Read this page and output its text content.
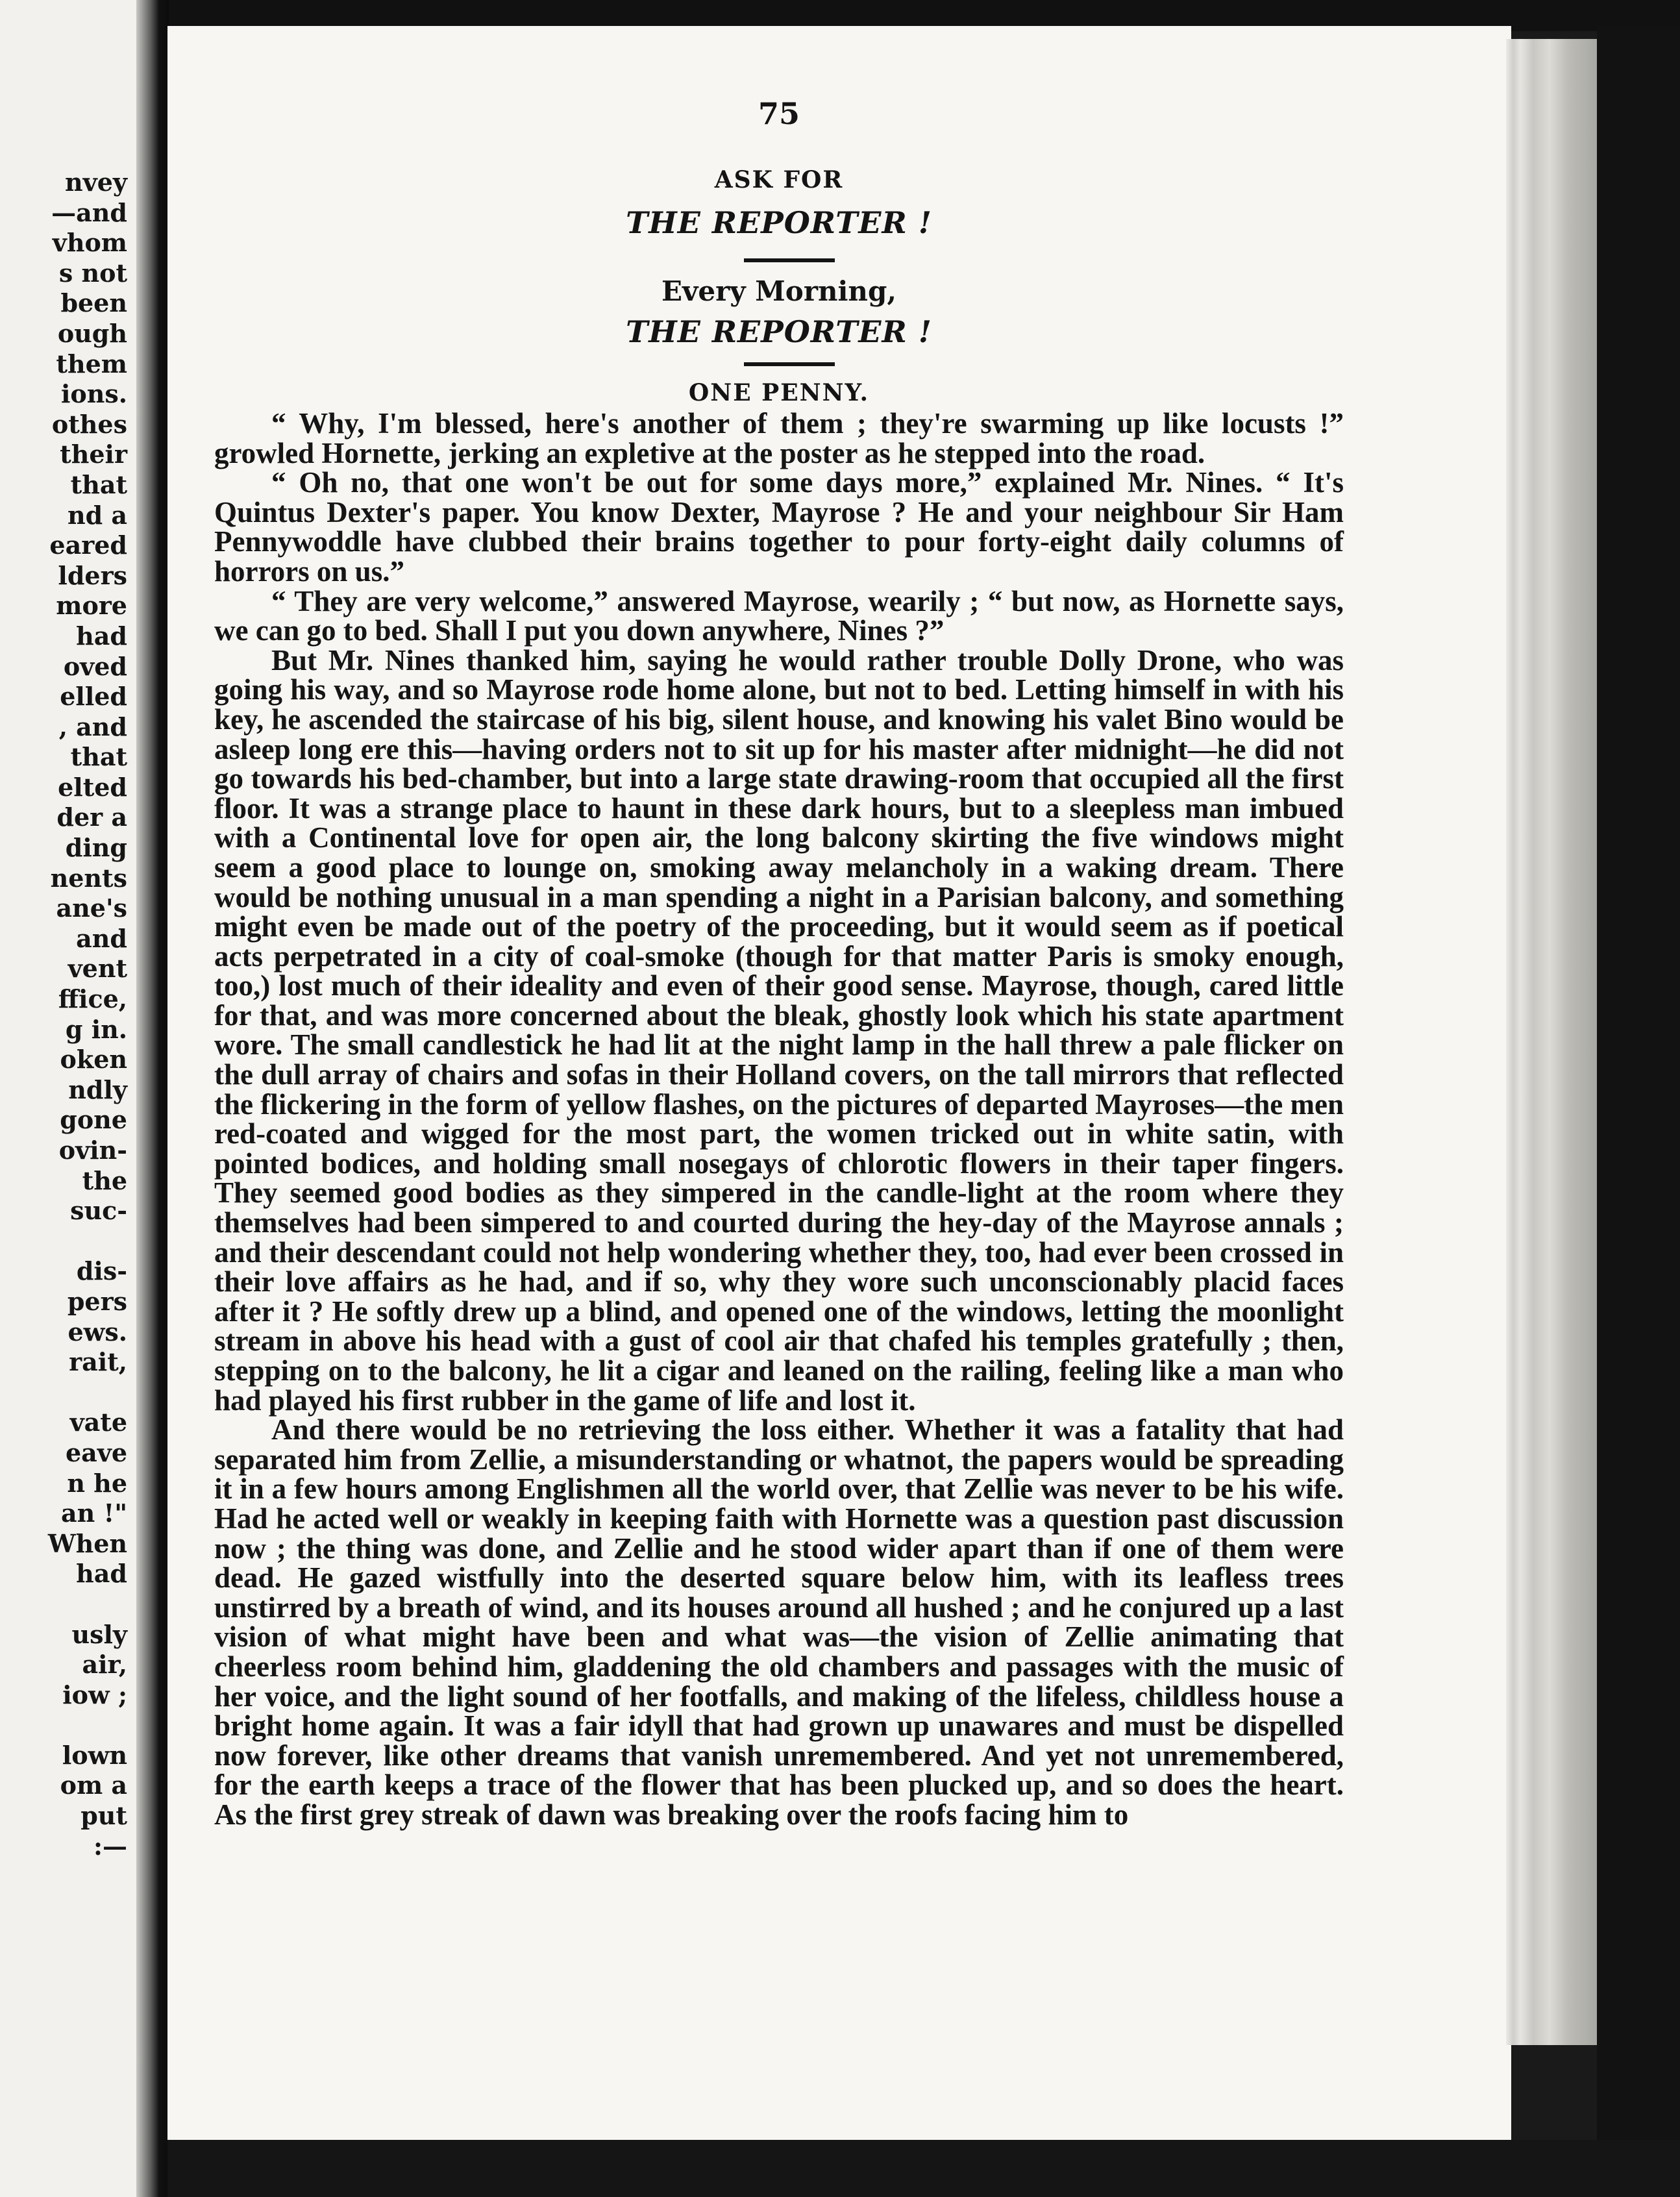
nvey
—and
vhom
s not
been
ough
them
ions.
othes
their
that
nd a
eared
lders
more
had
oved
elled
, and
that
elted
der a
ding
nents
ane's
and
vent
ffice,
g in.
oken
ndly
gone
ovin-
the
suc-

dis-
pers
ews.
rait,

vate
eave
n he
an !"
When
had

usly
air,
iow ;

lown
om a
put
:—
75
ASK FOR
THE REPORTER !
Every Morning,
THE REPORTER !
ONE PENNY.

“ Why, I'm blessed, here's another of them ; they're swarming up like locusts !” growled Hornette, jerking an expletive at the poster as he stepped into the road.

“ Oh no, that one won't be out for some days more,” explained Mr. Nines. “ It's Quintus Dexter's paper. You know Dexter, Mayrose ? He and your neighbour Sir Ham Pennywoddle have clubbed their brains together to pour forty-eight daily columns of horrors on us.”

“ They are very welcome,” answered Mayrose, wearily ; “ but now, as Hornette says, we can go to bed. Shall I put you down anywhere, Nines ?”

But Mr. Nines thanked him, saying he would rather trouble Dolly Drone, who was going his way, and so Mayrose rode home alone, but not to bed. Letting himself in with his key, he ascended the staircase of his big, silent house, and knowing his valet Bino would be asleep long ere this—having orders not to sit up for his master after midnight—he did not go towards his bed-chamber, but into a large state drawing-room that occupied all the first floor. It was a strange place to haunt in these dark hours, but to a sleepless man imbued with a Continental love for open air, the long balcony skirting the five windows might seem a good place to lounge on, smoking away melancholy in a waking dream. There would be nothing unusual in a man spending a night in a Parisian balcony, and something might even be made out of the poetry of the proceeding, but it would seem as if poetical acts perpetrated in a city of coal-smoke (though for that matter Paris is smoky enough, too,) lost much of their ideality and even of their good sense. Mayrose, though, cared little for that, and was more concerned about the bleak, ghostly look which his state apartment wore. The small candlestick he had lit at the night lamp in the hall threw a pale flicker on the dull array of chairs and sofas in their Holland covers, on the tall mirrors that reflected the flickering in the form of yellow flashes, on the pictures of departed Mayroses—the men red-coated and wigged for the most part, the women tricked out in white satin, with pointed bodices, and holding small nosegays of chlorotic flowers in their taper fingers. They seemed good bodies as they simpered in the candle-light at the room where they themselves had been simpered to and courted during the hey-day of the Mayrose annals ; and their descendant could not help wondering whether they, too, had ever been crossed in their love affairs as he had, and if so, why they wore such unconscionably placid faces after it ? He softly drew up a blind, and opened one of the windows, letting the moonlight stream in above his head with a gust of cool air that chafed his temples gratefully ; then, stepping on to the balcony, he lit a cigar and leaned on the railing, feeling like a man who had played his first rubber in the game of life and lost it.

And there would be no retrieving the loss either. Whether it was a fatality that had separated him from Zellie, a misunderstanding or whatnot, the papers would be spreading it in a few hours among Englishmen all the world over, that Zellie was never to be his wife. Had he acted well or weakly in keeping faith with Hornette was a question past discussion now ; the thing was done, and Zellie and he stood wider apart than if one of them were dead. He gazed wistfully into the deserted square below him, with its leafless trees unstirred by a breath of wind, and its houses around all hushed ; and he conjured up a last vision of what might have been and what was—the vision of Zellie animating that cheerless room behind him, gladdening the old chambers and passages with the music of her voice, and the light sound of her footfalls, and making of the lifeless, childless house a bright home again. It was a fair idyll that had grown up unawares and must be dispelled now forever, like other dreams that vanish unremembered. And yet not unremembered, for the earth keeps a trace of the flower that has been plucked up, and so does the heart. As the first grey streak of dawn was breaking over the roofs facing him to
